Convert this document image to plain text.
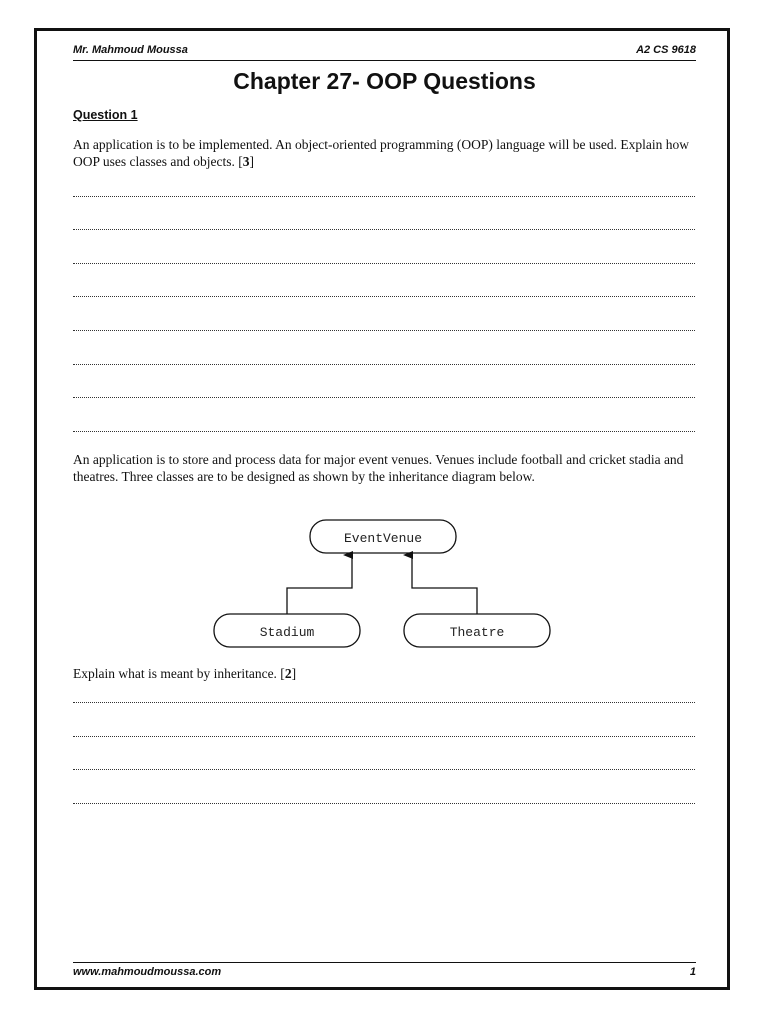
Mr. Mahmoud Moussa	A2 CS 9618
Chapter 27- OOP Questions
Question 1
An application is to be implemented. An object-oriented programming (OOP) language will be used. Explain how OOP uses classes and objects. [3]
An application is to store and process data for major event venues. Venues include football and cricket stadia and theatres. Three classes are to be designed as shown by the inheritance diagram below.
EventVenue
Stadium	Theatre
Explain what is meant by inheritance. [2]
www.mahmoudmoussa.com	1
